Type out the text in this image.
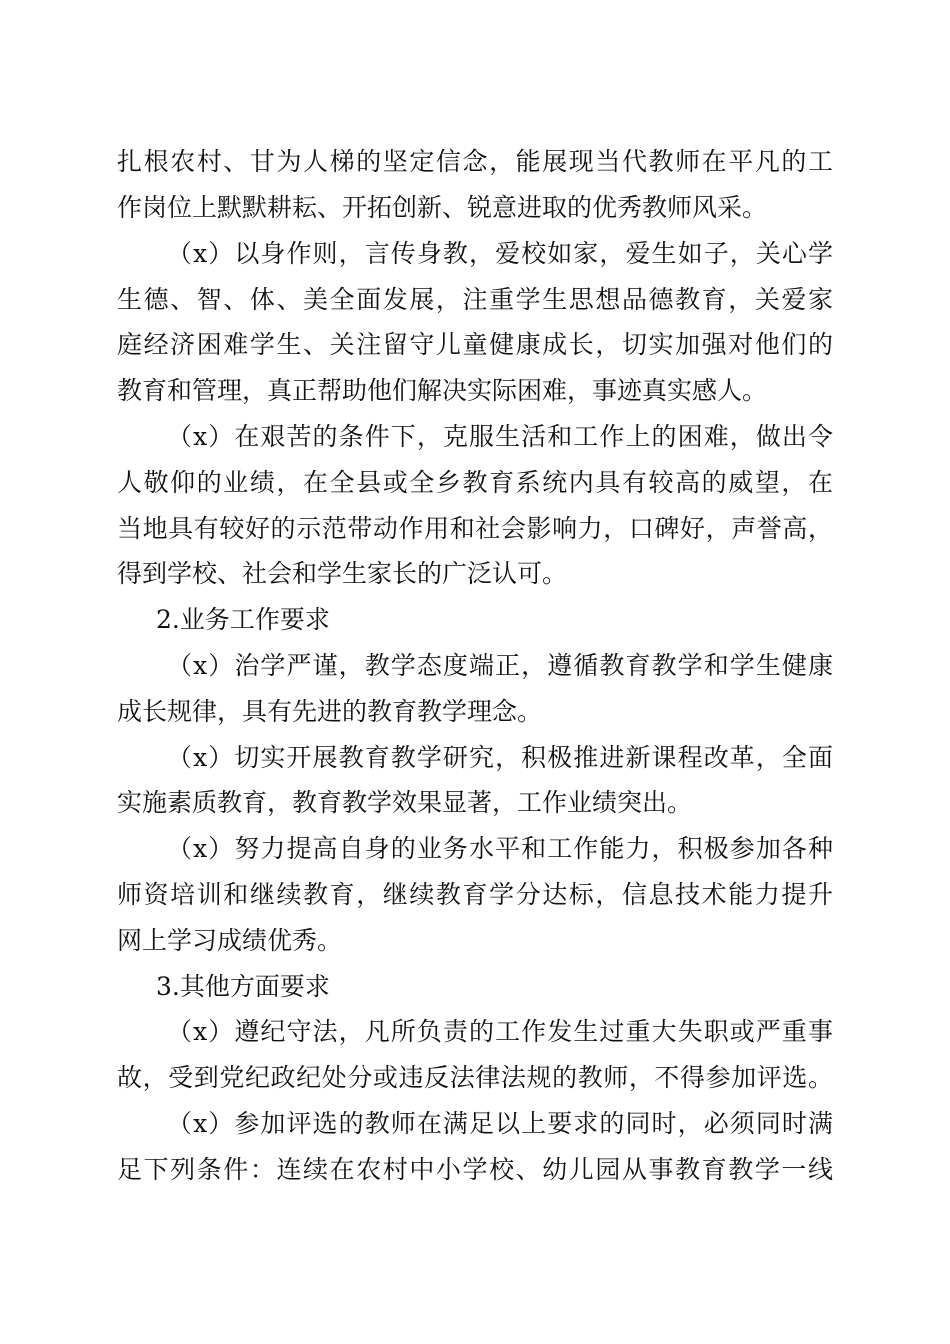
扎根农村、甘为人梯的坚定信念，能展现当代教师在平凡的工
作岗位上默默耕耘、开拓创新、锐意进取的优秀教师风采。
（x）以身作则，言传身教，爱校如家，爱生如子，关心学
生德、智、体、美全面发展，注重学生思想品德教育，关爱家
庭经济困难学生、关注留守儿童健康成长，切实加强对他们的
教育和管理，真正帮助他们解决实际困难，事迹真实感人。
（x）在艰苦的条件下，克服生活和工作上的困难，做出令
人敬仰的业绩，在全县或全乡教育系统内具有较高的威望，在
当地具有较好的示范带动作用和社会影响力，口碑好，声誉高，
得到学校、社会和学生家长的广泛认可。
2.业务工作要求
（x）治学严谨，教学态度端正，遵循教育教学和学生健康
成长规律，具有先进的教育教学理念。
（x）切实开展教育教学研究，积极推进新课程改革，全面
实施素质教育，教育教学效果显著，工作业绩突出。
（x）努力提高自身的业务水平和工作能力，积极参加各种
师资培训和继续教育，继续教育学分达标，信息技术能力提升
网上学习成绩优秀。
3.其他方面要求
（x）遵纪守法，凡所负责的工作发生过重大失职或严重事
故，受到党纪政纪处分或违反法律法规的教师，不得参加评选。
（x）参加评选的教师在满足以上要求的同时，必须同时满
足下列条件：连续在农村中小学校、幼儿园从事教育教学一线
